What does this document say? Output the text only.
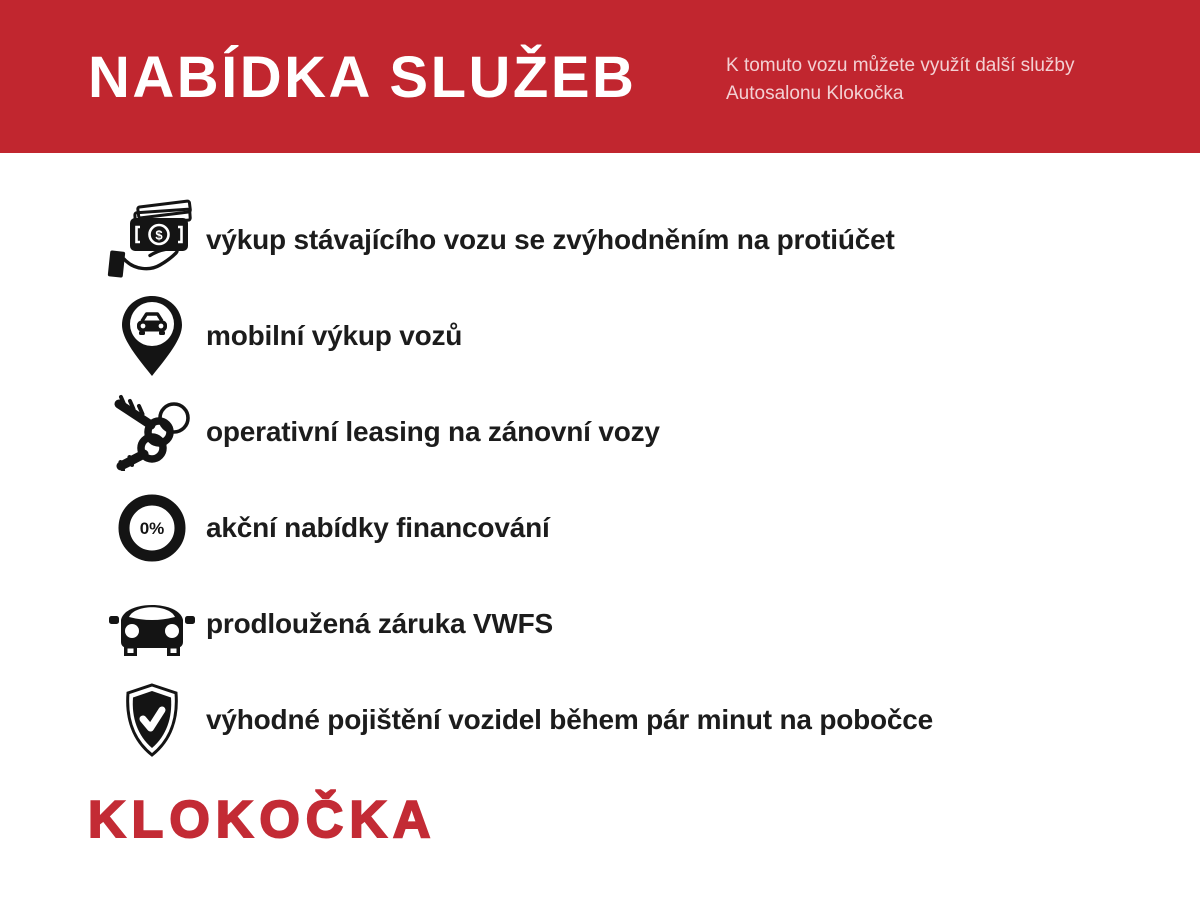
NABÍDKA SLUŽEB	K tomuto vozu můžete využít další služby
Autosalonu Klokočka
$ výkup stávajícího vozu se zvýhodněním na protiúčet
mobilní výkup vozů
operativní leasing na zánovní vozy
0% akční nabídky financování
prodloužená záruka VWFS
výhodné pojištění vozidel během pár minut na pobočce
KLOKOČKA
